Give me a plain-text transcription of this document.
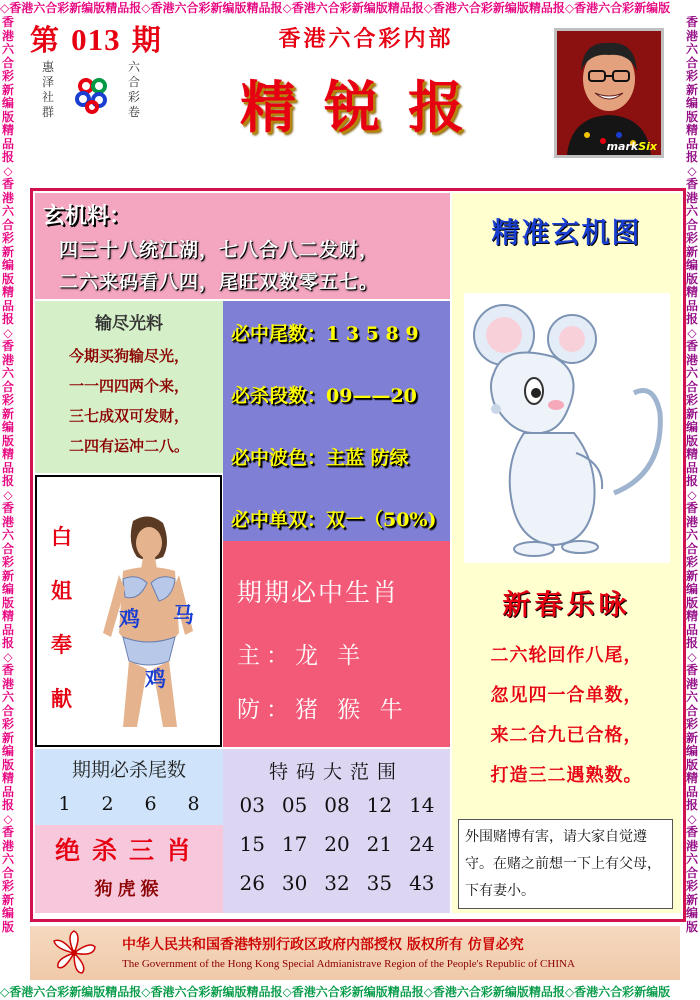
◇香港六合彩新编版精品报◇香港六合彩新编版精品报◇香港六合彩新编版精品报◇香港六合彩新编版精品报◇香港六合彩新编版
◇香港六合彩新编版精品报◇香港六合彩新编版精品报◇香港六合彩新编版精品报◇香港六合彩新编版精品报◇香港六合彩新编版
香港六合彩新编版精品报◇香港六合彩新编版精品报◇香港六合彩新编版精品报◇香港六合彩新编版精品报◇香港六合彩新编版精品报◇香港六合彩新编版
香港六合彩新编版精品报◇香港六合彩新编版精品报◇香港六合彩新编版精品报◇香港六合彩新编版精品报◇香港六合彩新编版精品报◇香港六合彩新编版
第 013 期
惠泽社群
六合彩卷
香港六合彩内部
精锐报
markSix
玄机料：
四三十八统江湖，七八合八二发财，
二六来码看八四，尾旺双数零五七。
输尽光料
今期买狗输尽光，
一一四四两个来，
三七成双可发财，
二四有运冲二八。
必中尾数：1 3 5 8 9
必杀段数：09——20
必中波色：主蓝 防绿
必中单双：双一（50%)
白
姐
奉
献
鸡 马
鸡
期期必中生肖
主：龙 羊
防：猪 猴 牛
期期必杀尾数
1 2 6 8
绝杀三肖
狗虎猴
特码大范围
03 05 08 12 14
15 17 20 21 24
26 30 32 35 43
精准玄机图
新春乐咏
二六轮回作八尾，
忽见四一合单数，
来二合九已合格，
打造三二遇熟数。
外围赌博有害，请大家自觉遵守。在赌之前想一下上有父母，下有妻小。
中华人民共和国香港特别行政区政府内部授权 版权所有 仿冒必究
The Government of the Hong Kong Special Admianistrave Region of the People's Republic of CHINA
